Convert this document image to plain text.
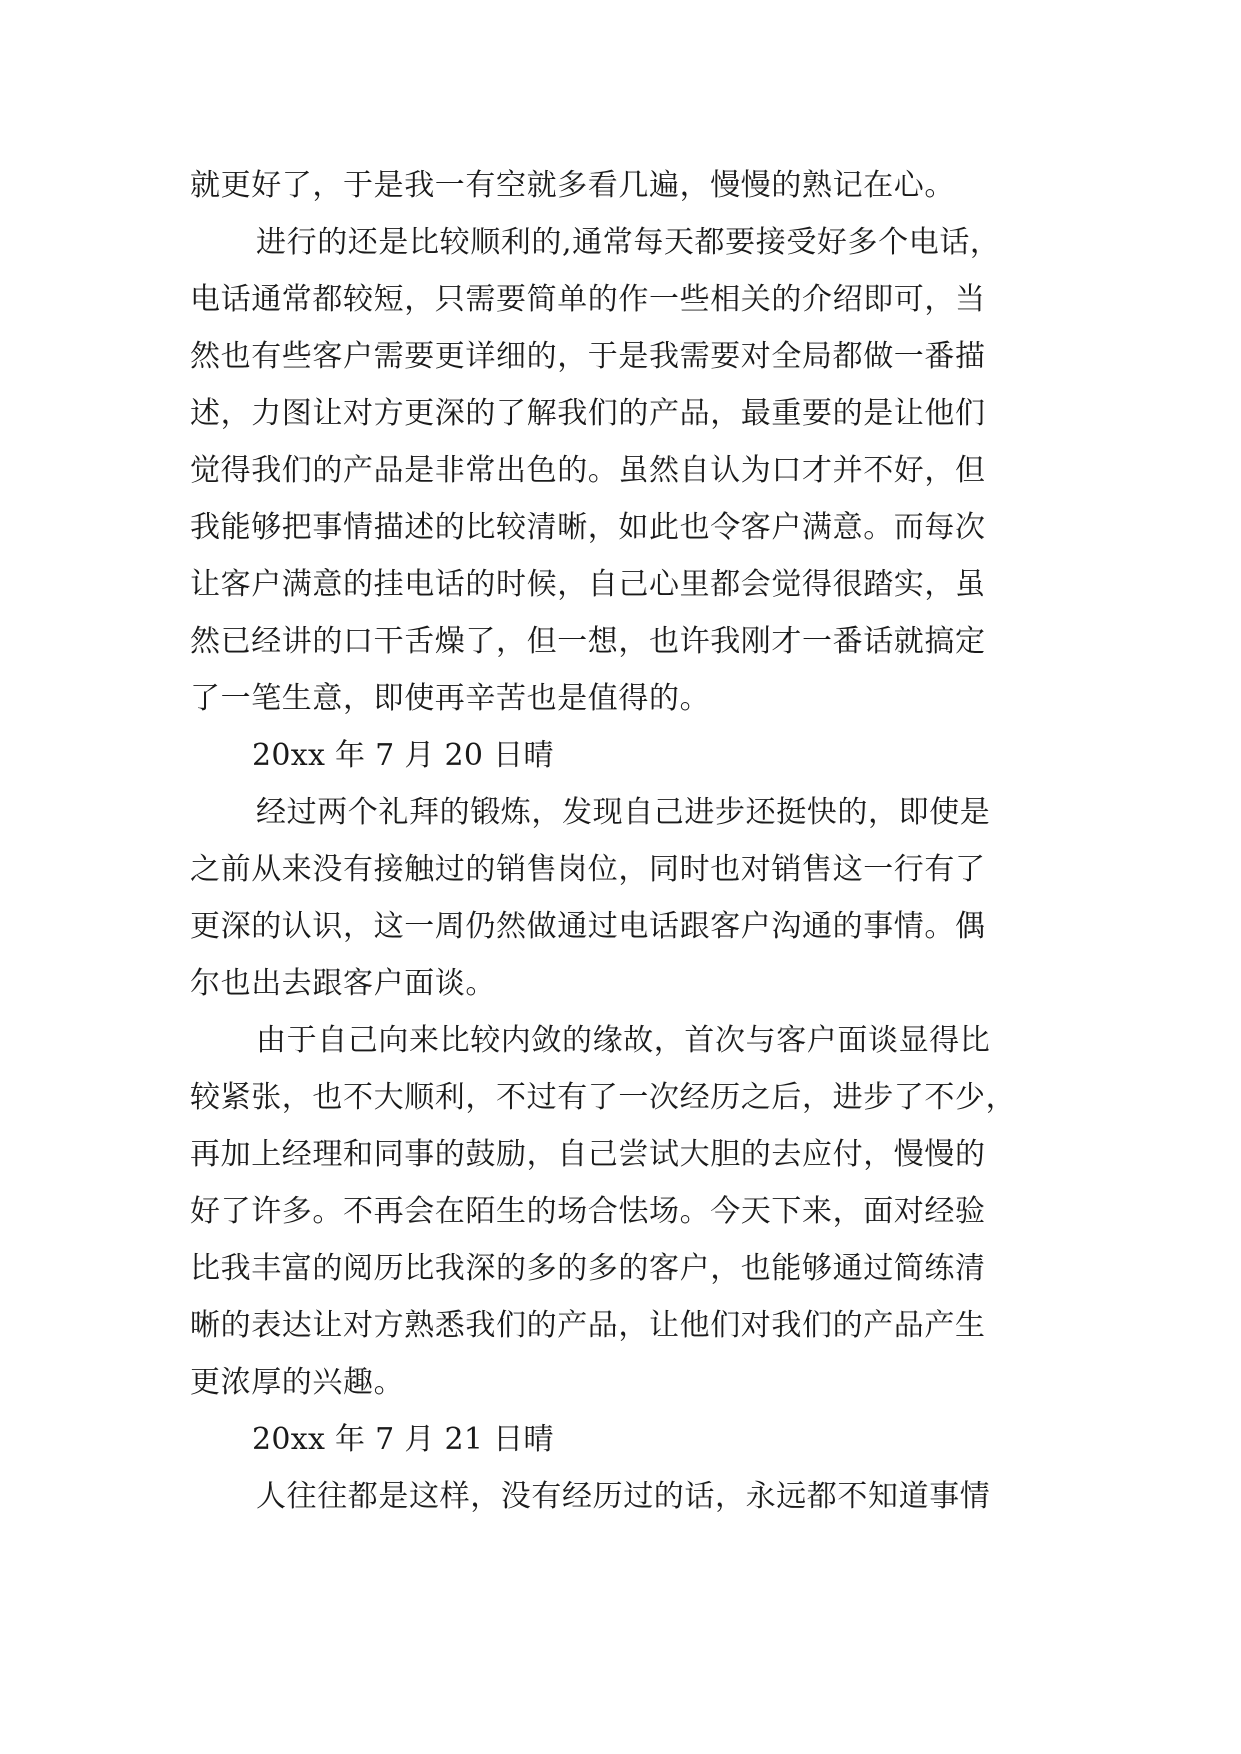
就更好了，于是我一有空就多看几遍，慢慢的熟记在心。
进行的还是比较顺利的,通常每天都要接受好多个电话，
电话通常都较短，只需要简单的作一些相关的介绍即可，当
然也有些客户需要更详细的，于是我需要对全局都做一番描
述，力图让对方更深的了解我们的产品，最重要的是让他们
觉得我们的产品是非常出色的。虽然自认为口才并不好，但
我能够把事情描述的比较清晰，如此也令客户满意。而每次
让客户满意的挂电话的时候，自己心里都会觉得很踏实，虽
然已经讲的口干舌燥了，但一想，也许我刚才一番话就搞定
了一笔生意，即使再辛苦也是值得的。
20xx 年 7 月 20 日晴
经过两个礼拜的锻炼，发现自己进步还挺快的，即使是
之前从来没有接触过的销售岗位，同时也对销售这一行有了
更深的认识，这一周仍然做通过电话跟客户沟通的事情。偶
尔也出去跟客户面谈。
由于自己向来比较内敛的缘故，首次与客户面谈显得比
较紧张，也不大顺利，不过有了一次经历之后，进步了不少，
再加上经理和同事的鼓励，自己尝试大胆的去应付，慢慢的
好了许多。不再会在陌生的场合怯场。今天下来，面对经验
比我丰富的阅历比我深的多的多的客户，也能够通过简练清
晰的表达让对方熟悉我们的产品，让他们对我们的产品产生
更浓厚的兴趣。
20xx 年 7 月 21 日晴
人往往都是这样，没有经历过的话，永远都不知道事情
